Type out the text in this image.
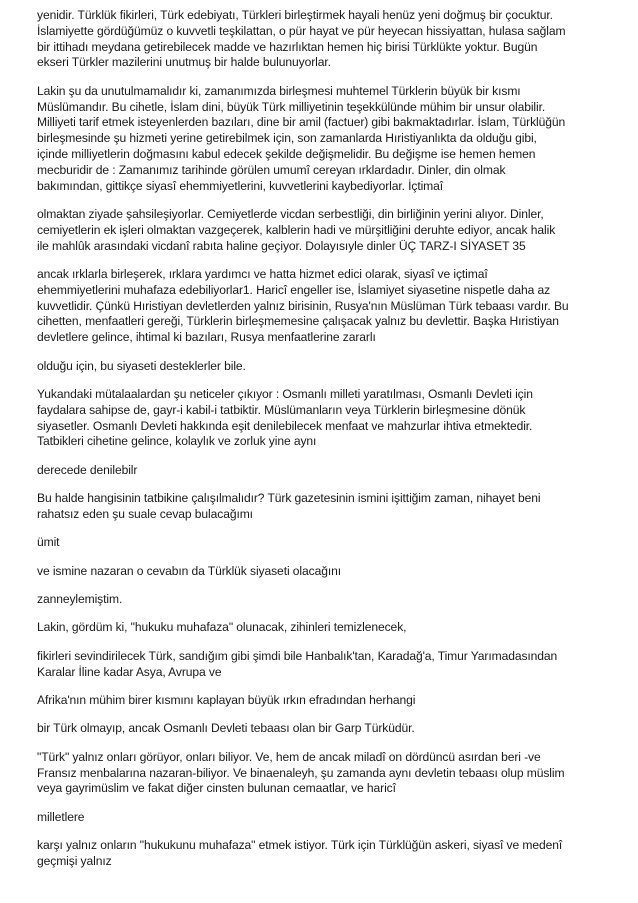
yenidir. Türklük fikirleri, Türk edebiyatı, Türkleri birleştirmek hayali henüz yeni doğmuş bir çocuktur.
İslamiyette gördüğümüz o kuvvetli teşkilattan, o pür hayat ve pür heyecan hissiyattan, hulasa sağlam
bir ittihadı meydana getirebilecek madde ve hazırlıktan hemen hiç birisi Türklükte yoktur. Bugün
ekseri Türkler mazilerini unutmuş bir halde bulunuyorlar.

Lakin şu da unutulmamalıdır ki, zamanımızda birleşmesi muhtemel Türklerin büyük bir kısmı
Müslümandır. Bu cihetle, İslam dini, büyük Türk milliyetinin teşekkülünde mühim bir unsur olabilir.
Milliyeti tarif etmek isteyenlerden bazıları, dine bir amil (factuer) gibi bakmaktadırlar. İslam, Türklüğün
birleşmesinde şu hizmeti yerine getirebilmek için, son zamanlarda Hıristiyanlıkta da olduğu gibi,
içinde milliyetlerin doğmasını kabul edecek şekilde değişmelidir. Bu değişme ise hemen hemen
mecburidir de : Zamanımız tarihinde görülen umumî cereyan ırklardadır. Dinler, din olmak
bakımından, gittikçe siyasî ehemmiyetlerini, kuvvetlerini kaybediyorlar. İçtimaî

olmaktan ziyade şahsileşiyorlar. Cemiyetlerde vicdan serbestliği, din birliğinin yerini alıyor. Dinler,
cemiyetlerin ek işleri olmaktan vazgeçerek, kalblerin hadi ve mürşitliğini deruhte ediyor, ancak halik
ile mahlûk arasındaki vicdanî rabıta haline geçiyor. Dolayısıyle dinler ÜÇ TARZ-I SİYASET 35

ancak ırklarla birleşerek, ırklara yardımcı ve hatta hizmet edici olarak, siyasî ve içtimaî
ehemmiyetlerini muhafaza edebiliyorlar1. Haricî engeller ise, İslamiyet siyasetine nispetle daha az
kuvvetlidir. Çünkü Hıristiyan devletlerden yalnız birisinin, Rusya'nın Müslüman Türk tebaası vardır. Bu
cihetten, menfaatleri gereği, Türklerin birleşmemesine çalışacak yalnız bu devlettir. Başka Hıristiyan
devletlere gelince, ihtimal ki bazıları, Rusya menfaatlerine zararlı

olduğu için, bu siyaseti desteklerler bile.

Yukandaki mütalaalardan şu neticeler çıkıyor : Osmanlı milleti yaratılması, Osmanlı Devleti için
faydalara sahipse de, gayr-i kabil-i tatbiktir. Müslümanların veya Türklerin birleşmesine dönük
siyasetler. Osmanlı Devleti hakkında eşit denilebilecek menfaat ve mahzurlar ihtiva etmektedir.
Tatbikleri cihetine gelince, kolaylık ve zorluk yine aynı

derecede denilebilr

Bu halde hangisinin tatbikine çalışılmalıdır? Türk gazetesinin ismini işittiğim zaman, nihayet beni
rahatsız eden şu suale cevap bulacağımı

ümit

ve ismine nazaran o cevabın da Türklük siyaseti olacağını

zanneylemiştim.

Lakin, gördüm ki, "hukuku muhafaza" olunacak, zihinleri temizlenecek,

fikirleri sevindirilecek Türk, sandığım gibi şimdi bile Hanbalık'tan, Karadağ'a, Timur Yarımadasından
Karalar İline kadar Asya, Avrupa ve

Afrika'nın mühim birer kısmını kaplayan büyük ırkın efradından herhangi

bir Türk olmayıp, ancak Osmanlı Devleti tebaası olan bir Garp Türküdür.

"Türk" yalnız onları görüyor, onları biliyor. Ve, hem de ancak miladî on dördüncü asırdan beri -ve
Fransız menbalarına nazaran-biliyor. Ve binaenaleyh, şu zamanda aynı devletin tebaası olup müslim
veya gayrimüslim ve fakat diğer cinsten bulunan cemaatlar, ve haricî

milletlere

karşı yalnız onların "hukukunu muhafaza" etmek istiyor. Türk için Türklüğün askeri, siyasî ve medenî
geçmişi yalnız
